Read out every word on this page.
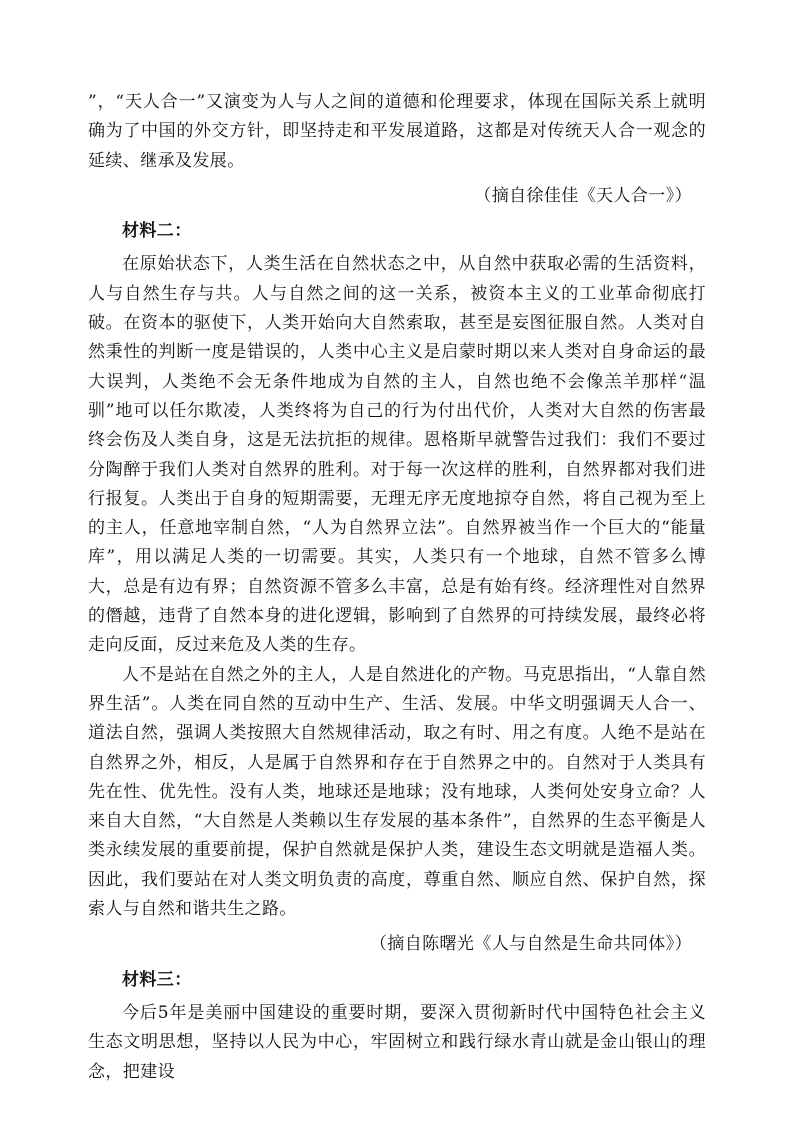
”，“天人合一”又演变为人与人之间的道德和伦理要求，体现在国际关系上就明确为了中国的外交方针，即坚持走和平发展道路，这都是对传统天人合一观念的延续、继承及发展。

（摘自徐佳佳《天人合一》）

材料二：

在原始状态下，人类生活在自然状态之中，从自然中获取必需的生活资料，人与自然生存与共。人与自然之间的这一关系，被资本主义的工业革命彻底打破。在资本的驱使下，人类开始向大自然索取，甚至是妄图征服自然。人类对自然秉性的判断一度是错误的，人类中心主义是启蒙时期以来人类对自身命运的最大误判，人类绝不会无条件地成为自然的主人，自然也绝不会像羔羊那样“温驯”地可以任尔欺凌，人类终将为自己的行为付出代价，人类对大自然的伤害最终会伤及人类自身，这是无法抗拒的规律。恩格斯早就警告过我们：我们不要过分陶醉于我们人类对自然界的胜利。对于每一次这样的胜利，自然界都对我们进行报复。人类出于自身的短期需要，无理无序无度地掠夺自然，将自己视为至上的主人，任意地宰制自然，“人为自然界立法”。自然界被当作一个巨大的“能量库”，用以满足人类的一切需要。其实，人类只有一个地球，自然不管多么博大，总是有边有界；自然资源不管多么丰富，总是有始有终。经济理性对自然界的僭越，违背了自然本身的进化逻辑，影响到了自然界的可持续发展，最终必将走向反面，反过来危及人类的生存。

人不是站在自然之外的主人，人是自然进化的产物。马克思指出，“人靠自然界生活”。人类在同自然的互动中生产、生活、发展。中华文明强调天人合一、道法自然，强调人类按照大自然规律活动，取之有时、用之有度。人绝不是站在自然界之外，相反，人是属于自然界和存在于自然界之中的。自然对于人类具有先在性、优先性。没有人类，地球还是地球；没有地球，人类何处安身立命？人来自大自然，“大自然是人类赖以生存发展的基本条件”，自然界的生态平衡是人类永续发展的重要前提，保护自然就是保护人类，建设生态文明就是造福人类。因此，我们要站在对人类文明负责的高度，尊重自然、顺应自然、保护自然，探索人与自然和谐共生之路。

（摘自陈曙光《人与自然是生命共同体》）

材料三：

今后5年是美丽中国建设的重要时期，要深入贯彻新时代中国特色社会主义生态文明思想，坚持以人民为中心，牢固树立和践行绿水青山就是金山银山的理念，把建设
